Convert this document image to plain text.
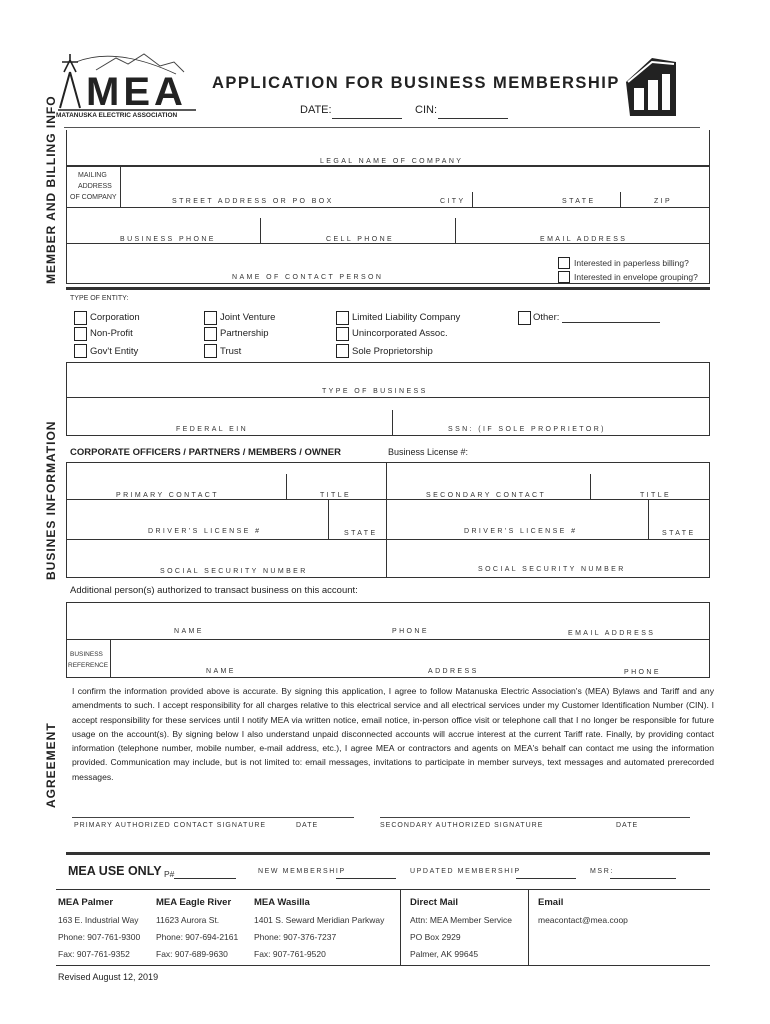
MEA
MATANUSKA ELECTRIC ASSOCIATION
APPLICATION FOR BUSINESS MEMBERSHIP
DATE:	CIN:
MEMBER AND BILLING INFO
BUSINES INFORMATION
AGREEMENT
LEGAL NAME OF COMPANY
MAILING
ADDRESS
OF COMPANY
STREET ADDRESS OR PO BOX	CITY	STATE	ZIP
BUSINESS PHONE	CELL PHONE	EMAIL ADDRESS
NAME OF CONTACT PERSON
Interested in paperless billing?
Interested in envelope grouping?
TYPE OF ENTITY:
Corporation
Non-Profit
Gov't Entity
Joint Venture
Partnership
Trust
Limited Liability Company
Unincorporated Assoc.
Sole Proprietorship
Other:
TYPE OF BUSINESS
FEDERAL EIN	SSN: (IF SOLE PROPRIETOR)
CORPORATE OFFICERS / PARTNERS / MEMBERS / OWNER	Business License #:
PRIMARY CONTACT	TITLE	SECONDARY CONTACT	TITLE
DRIVER'S LICENSE #	STATE	DRIVER'S LICENSE #	STATE
SOCIAL SECURITY NUMBER	SOCIAL SECURITY NUMBER
Additional person(s) authorized to transact business on this account:
NAME	PHONE	EMAIL ADDRESS
BUSINESS
REFERENCE
NAME	ADDRESS	PHONE
I confirm the information provided above is accurate. By signing this application, I agree to follow Matanuska Electric Association's (MEA) Bylaws and Tariff and any amendments to such. I accept responsibility for all charges relative to this electrical service and all electrical services under my Customer Identification Number (CIN). I accept responsibility for these services until I notify MEA via written notice, email notice, in-person office visit or telephone call that I no longer be responsible for future usage on the account(s). By signing below I also understand unpaid disconnected accounts will accrue interest at the current Tariff rate. Finally, by providing contact information (telephone number, mobile number, e-mail address, etc.), I agree MEA or contractors and agents on MEA's behalf can contact me using the information provided. Communication may include, but is not limited to: email messages, invitations to participate in member surveys, text messages and automated prerecorded messages.
PRIMARY AUTHORIZED CONTACT SIGNATURE	DATE	SECONDARY AUTHORIZED SIGNATURE	DATE
MEA USE ONLY P#	NEW MEMBERSHIP	UPDATED MEMBERSHIP	MSR:
MEA Palmer
163 E. Industrial Way
Phone: 907-761-9300
Fax: 907-761-9352
MEA Eagle River
11623 Aurora St.
Phone: 907-694-2161
Fax: 907-689-9630
MEA Wasilla
1401 S. Seward Meridian Parkway
Phone: 907-376-7237
Fax: 907-761-9520
Direct Mail
Attn: MEA Member Service
PO Box 2929
Palmer, AK 99645
Email
meacontact@mea.coop
Revised August 12, 2019
